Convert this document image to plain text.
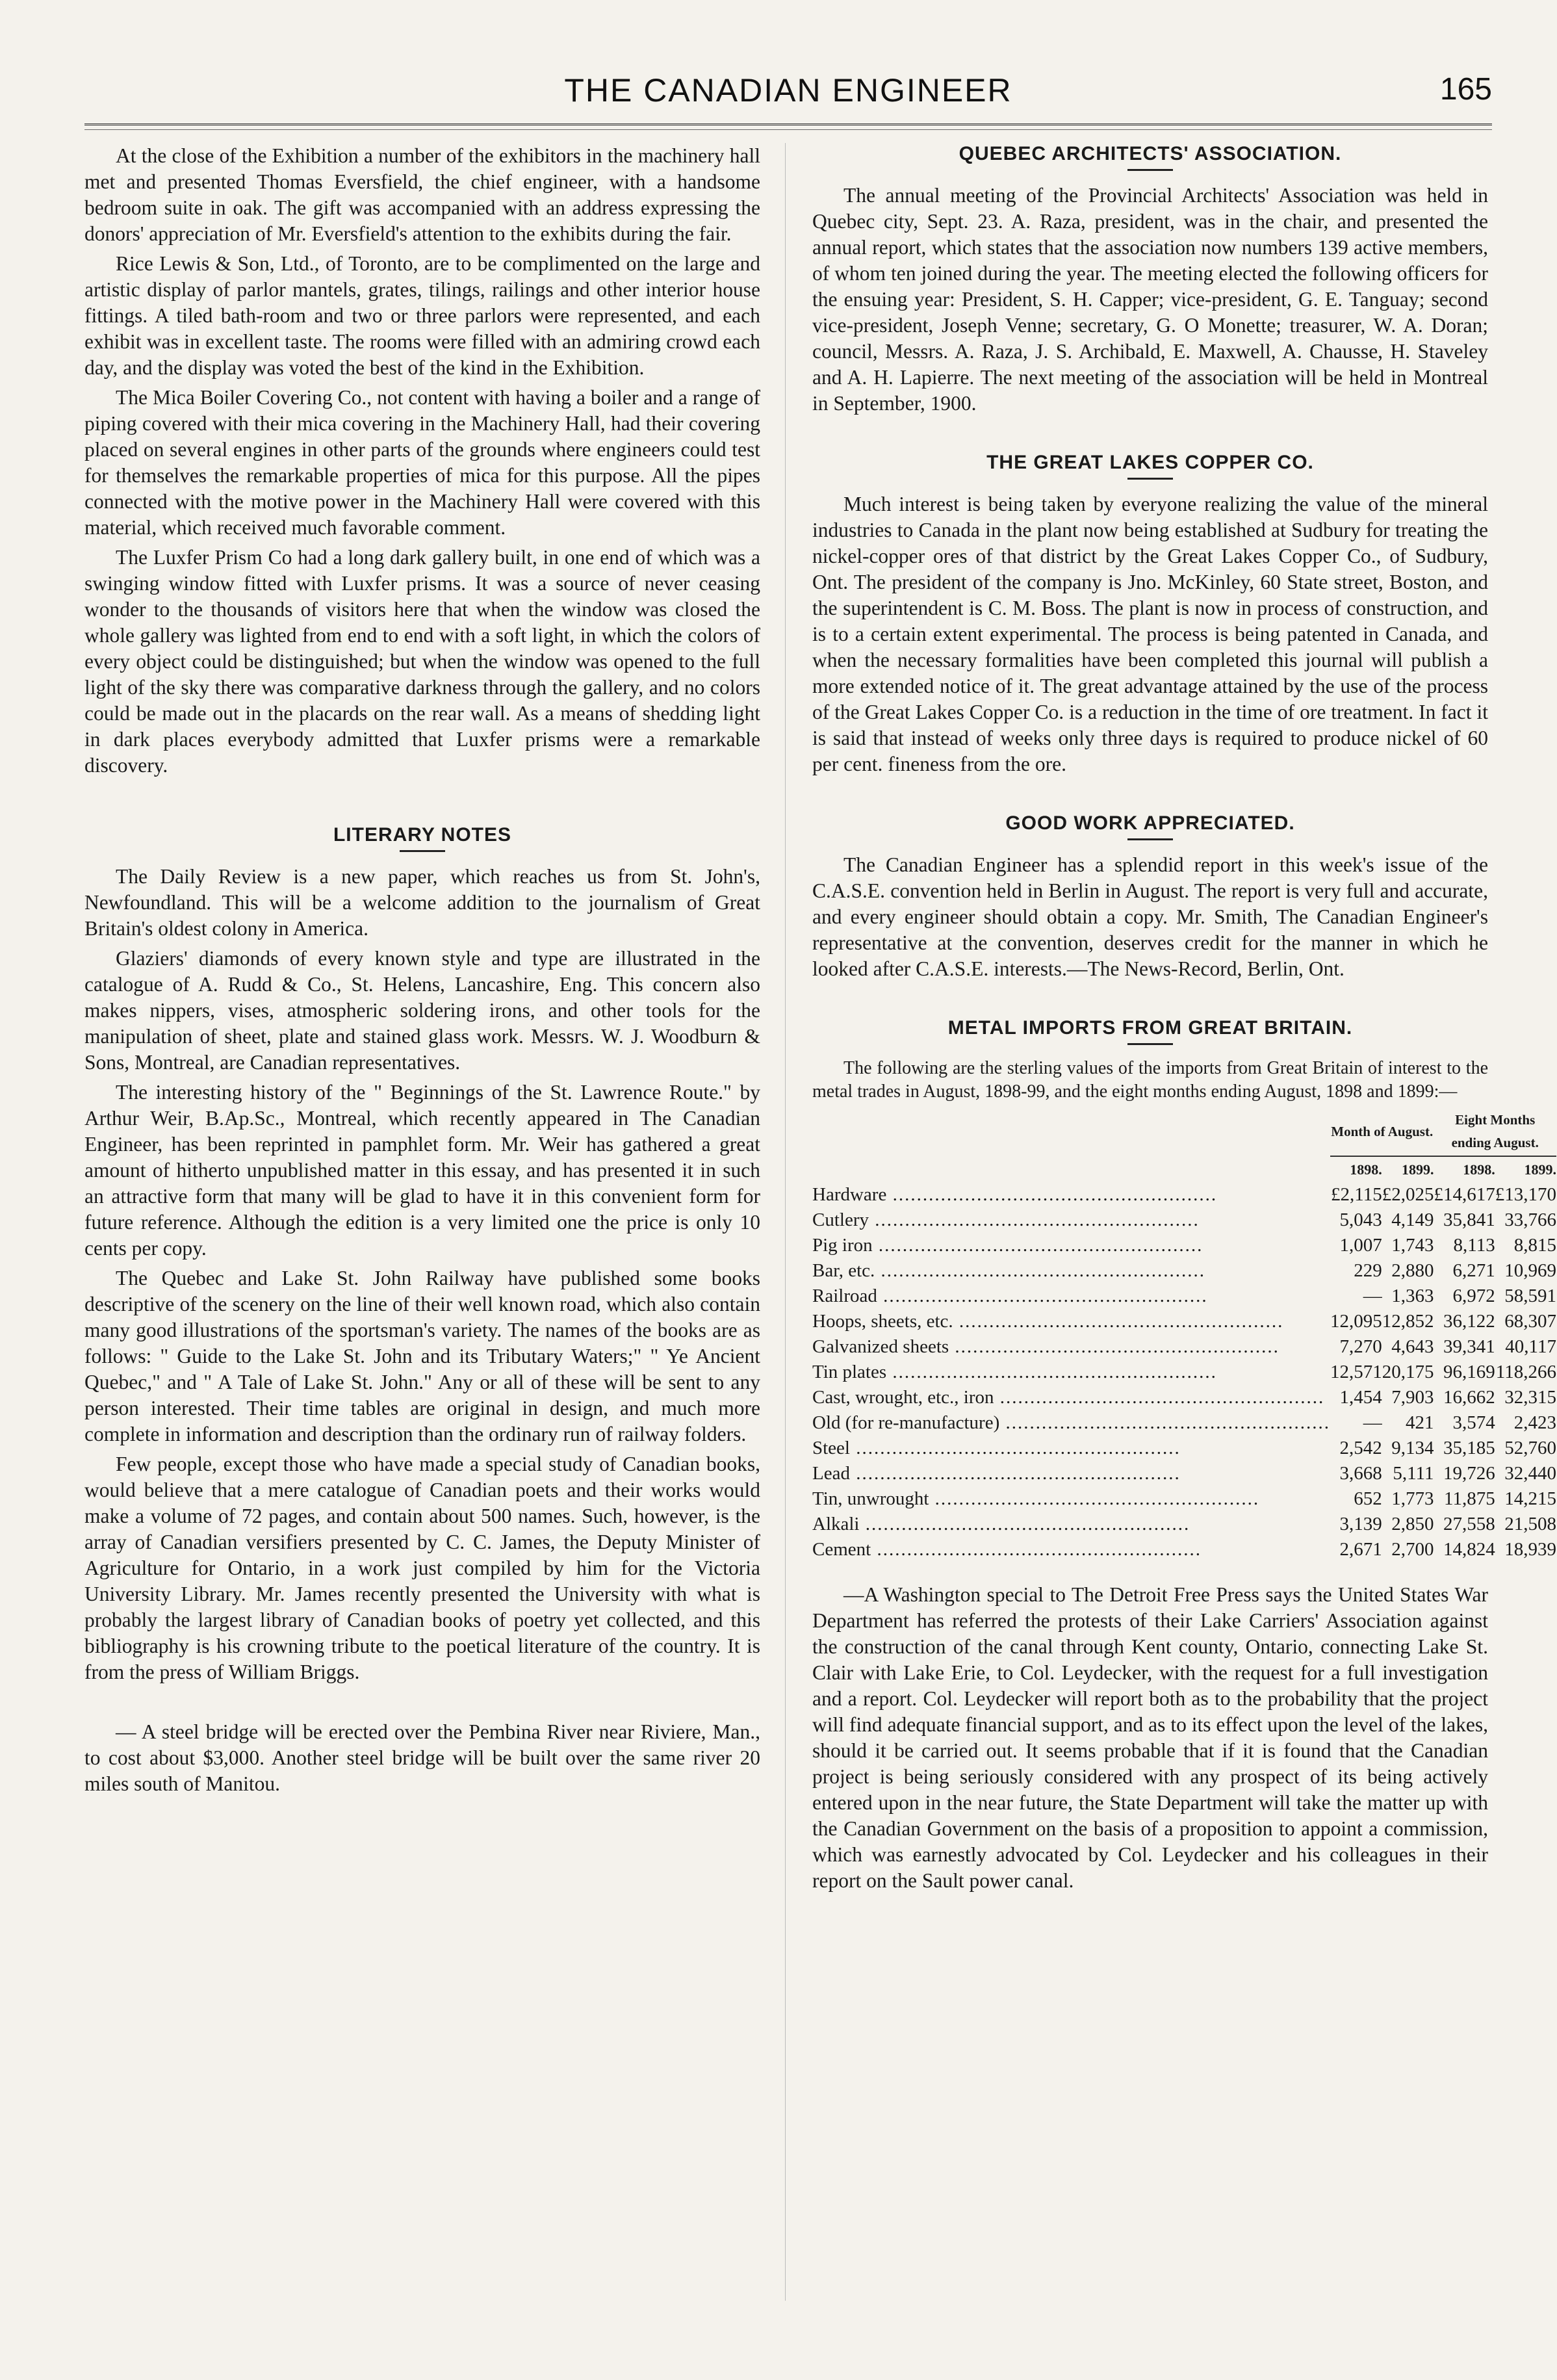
THE CANADIAN ENGINEER	165

At the close of the Exhibition a number of the exhibitors in the machinery hall met and presented Thomas Eversfield, the chief engineer, with a handsome bedroom suite in oak. The gift was accompanied with an address expressing the donors' appreciation of Mr. Eversfield's attention to the exhibits during the fair.

Rice Lewis & Son, Ltd., of Toronto, are to be complimented on the large and artistic display of parlor mantels, grates, tilings, railings and other interior house fittings. A tiled bath-room and two or three parlors were represented, and each exhibit was in excellent taste. The rooms were filled with an admiring crowd each day, and the display was voted the best of the kind in the Exhibition.

The Mica Boiler Covering Co., not content with having a boiler and a range of piping covered with their mica covering in the Machinery Hall, had their covering placed on several engines in other parts of the grounds where engineers could test for themselves the remarkable properties of mica for this purpose. All the pipes connected with the motive power in the Machinery Hall were covered with this material, which received much favorable comment.

The Luxfer Prism Co had a long dark gallery built, in one end of which was a swinging window fitted with Luxfer prisms. It was a source of never ceasing wonder to the thousands of visitors here that when the window was closed the whole gallery was lighted from end to end with a soft light, in which the colors of every object could be distinguished; but when the window was opened to the full light of the sky there was comparative darkness through the gallery, and no colors could be made out in the placards on the rear wall. As a means of shedding light in dark places everybody admitted that Luxfer prisms were a remarkable discovery.

LITERARY NOTES

The Daily Review is a new paper, which reaches us from St. John's, Newfoundland. This will be a welcome addition to the journalism of Great Britain's oldest colony in America.

Glaziers' diamonds of every known style and type are illustrated in the catalogue of A. Rudd & Co., St. Helens, Lancashire, Eng. This concern also makes nippers, vises, atmospheric soldering irons, and other tools for the manipulation of sheet, plate and stained glass work. Messrs. W. J. Woodburn & Sons, Montreal, are Canadian representatives.

The interesting history of the " Beginnings of the St. Lawrence Route." by Arthur Weir, B.Ap.Sc., Montreal, which recently appeared in The Canadian Engineer, has been reprinted in pamphlet form. Mr. Weir has gathered a great amount of hitherto unpublished matter in this essay, and has presented it in such an attractive form that many will be glad to have it in this convenient form for future reference. Although the edition is a very limited one the price is only 10 cents per copy.

The Quebec and Lake St. John Railway have published some books descriptive of the scenery on the line of their well known road, which also contain many good illustrations of the sportsman's variety. The names of the books are as follows: " Guide to the Lake St. John and its Tributary Waters;" " Ye Ancient Quebec," and " A Tale of Lake St. John." Any or all of these will be sent to any person interested. Their time tables are original in design, and much more complete in information and description than the ordinary run of railway folders.

Few people, except those who have made a special study of Canadian books, would believe that a mere catalogue of Canadian poets and their works would make a volume of 72 pages, and contain about 500 names. Such, however, is the array of Canadian versifiers presented by C. C. James, the Deputy Minister of Agriculture for Ontario, in a work just compiled by him for the Victoria University Library. Mr. James recently presented the University with what is probably the largest library of Canadian books of poetry yet collected, and this bibliography is his crowning tribute to the poetical literature of the country. It is from the press of William Briggs.

— A steel bridge will be erected over the Pembina River near Riviere, Man., to cost about $3,000. Another steel bridge will be built over the same river 20 miles south of Manitou.

QUEBEC ARCHITECTS' ASSOCIATION.

The annual meeting of the Provincial Architects' Association was held in Quebec city, Sept. 23. A. Raza, president, was in the chair, and presented the annual report, which states that the association now numbers 139 active members, of whom ten joined during the year. The meeting elected the following officers for the ensuing year: President, S. H. Capper; vice-president, G. E. Tanguay; second vice-president, Joseph Venne; secretary, G. O Monette; treasurer, W. A. Doran; council, Messrs. A. Raza, J. S. Archibald, E. Maxwell, A. Chausse, H. Staveley and A. H. Lapierre. The next meeting of the association will be held in Montreal in September, 1900.

THE GREAT LAKES COPPER CO.

Much interest is being taken by everyone realizing the value of the mineral industries to Canada in the plant now being established at Sudbury for treating the nickel-copper ores of that district by the Great Lakes Copper Co., of Sudbury, Ont. The president of the company is Jno. McKinley, 60 State street, Boston, and the superintendent is C. M. Boss. The plant is now in process of construction, and is to a certain extent experimental. The process is being patented in Canada, and when the necessary formalities have been completed this journal will publish a more extended notice of it. The great advantage attained by the use of the process of the Great Lakes Copper Co. is a reduction in the time of ore treatment. In fact it is said that instead of weeks only three days is required to produce nickel of 60 per cent. fineness from the ore.

GOOD WORK APPRECIATED.

The Canadian Engineer has a splendid report in this week's issue of the C.A.S.E. convention held in Berlin in August. The report is very full and accurate, and every engineer should obtain a copy. Mr. Smith, The Canadian Engineer's representative at the convention, deserves credit for the manner in which he looked after C.A.S.E. interests.—The News-Record, Berlin, Ont.

METAL IMPORTS FROM GREAT BRITAIN.

The following are the sterling values of the imports from Great Britain of interest to the metal trades in August, 1898-99, and the eight months ending August, 1898 and 1899:—

	Month of August.		Eight Months ending August.	
	1898.	1899.	1898.	1899.
Hardware .....	£2,115	£2,025	£14,617	£13,170
Cutlery .....	5,043	4,149	35,841	33,766
Pig iron .....	1,007	1,743	8,113	8,815
Bar, etc. .....	229	2,880	6,271	10,969
Railroad .....	—	1,363	6,972	58,591
Hoops, sheets, etc. .....	12,095	12,852	36,122	68,307
Galvanized sheets .....	7,270	4,643	39,341	40,117
Tin plates .....	12,571	20,175	96,169	118,266
Cast, wrought, etc., iron .....	1,454	7,903	16,662	32,315
Old (for re-manufacture) .....	—	421	3,574	2,423
Steel .....	2,542	9,134	35,185	52,760
Lead .....	3,668	5,111	19,726	32,440
Tin, unwrought .....	652	1,773	11,875	14,215
Alkali .....	3,139	2,850	27,558	21,508
Cement .....	2,671	2,700	14,824	18,939

—A Washington special to The Detroit Free Press says the United States War Department has referred the protests of their Lake Carriers' Association against the construction of the canal through Kent county, Ontario, connecting Lake St. Clair with Lake Erie, to Col. Leydecker, with the request for a full investigation and a report. Col. Leydecker will report both as to the probability that the project will find adequate financial support, and as to its effect upon the level of the lakes, should it be carried out. It seems probable that if it is found that the Canadian project is being seriously considered with any prospect of its being actively entered upon in the near future, the State Department will take the matter up with the Canadian Government on the basis of a proposition to appoint a commission, which was earnestly advocated by Col. Leydecker and his colleagues in their report on the Sault power canal.
